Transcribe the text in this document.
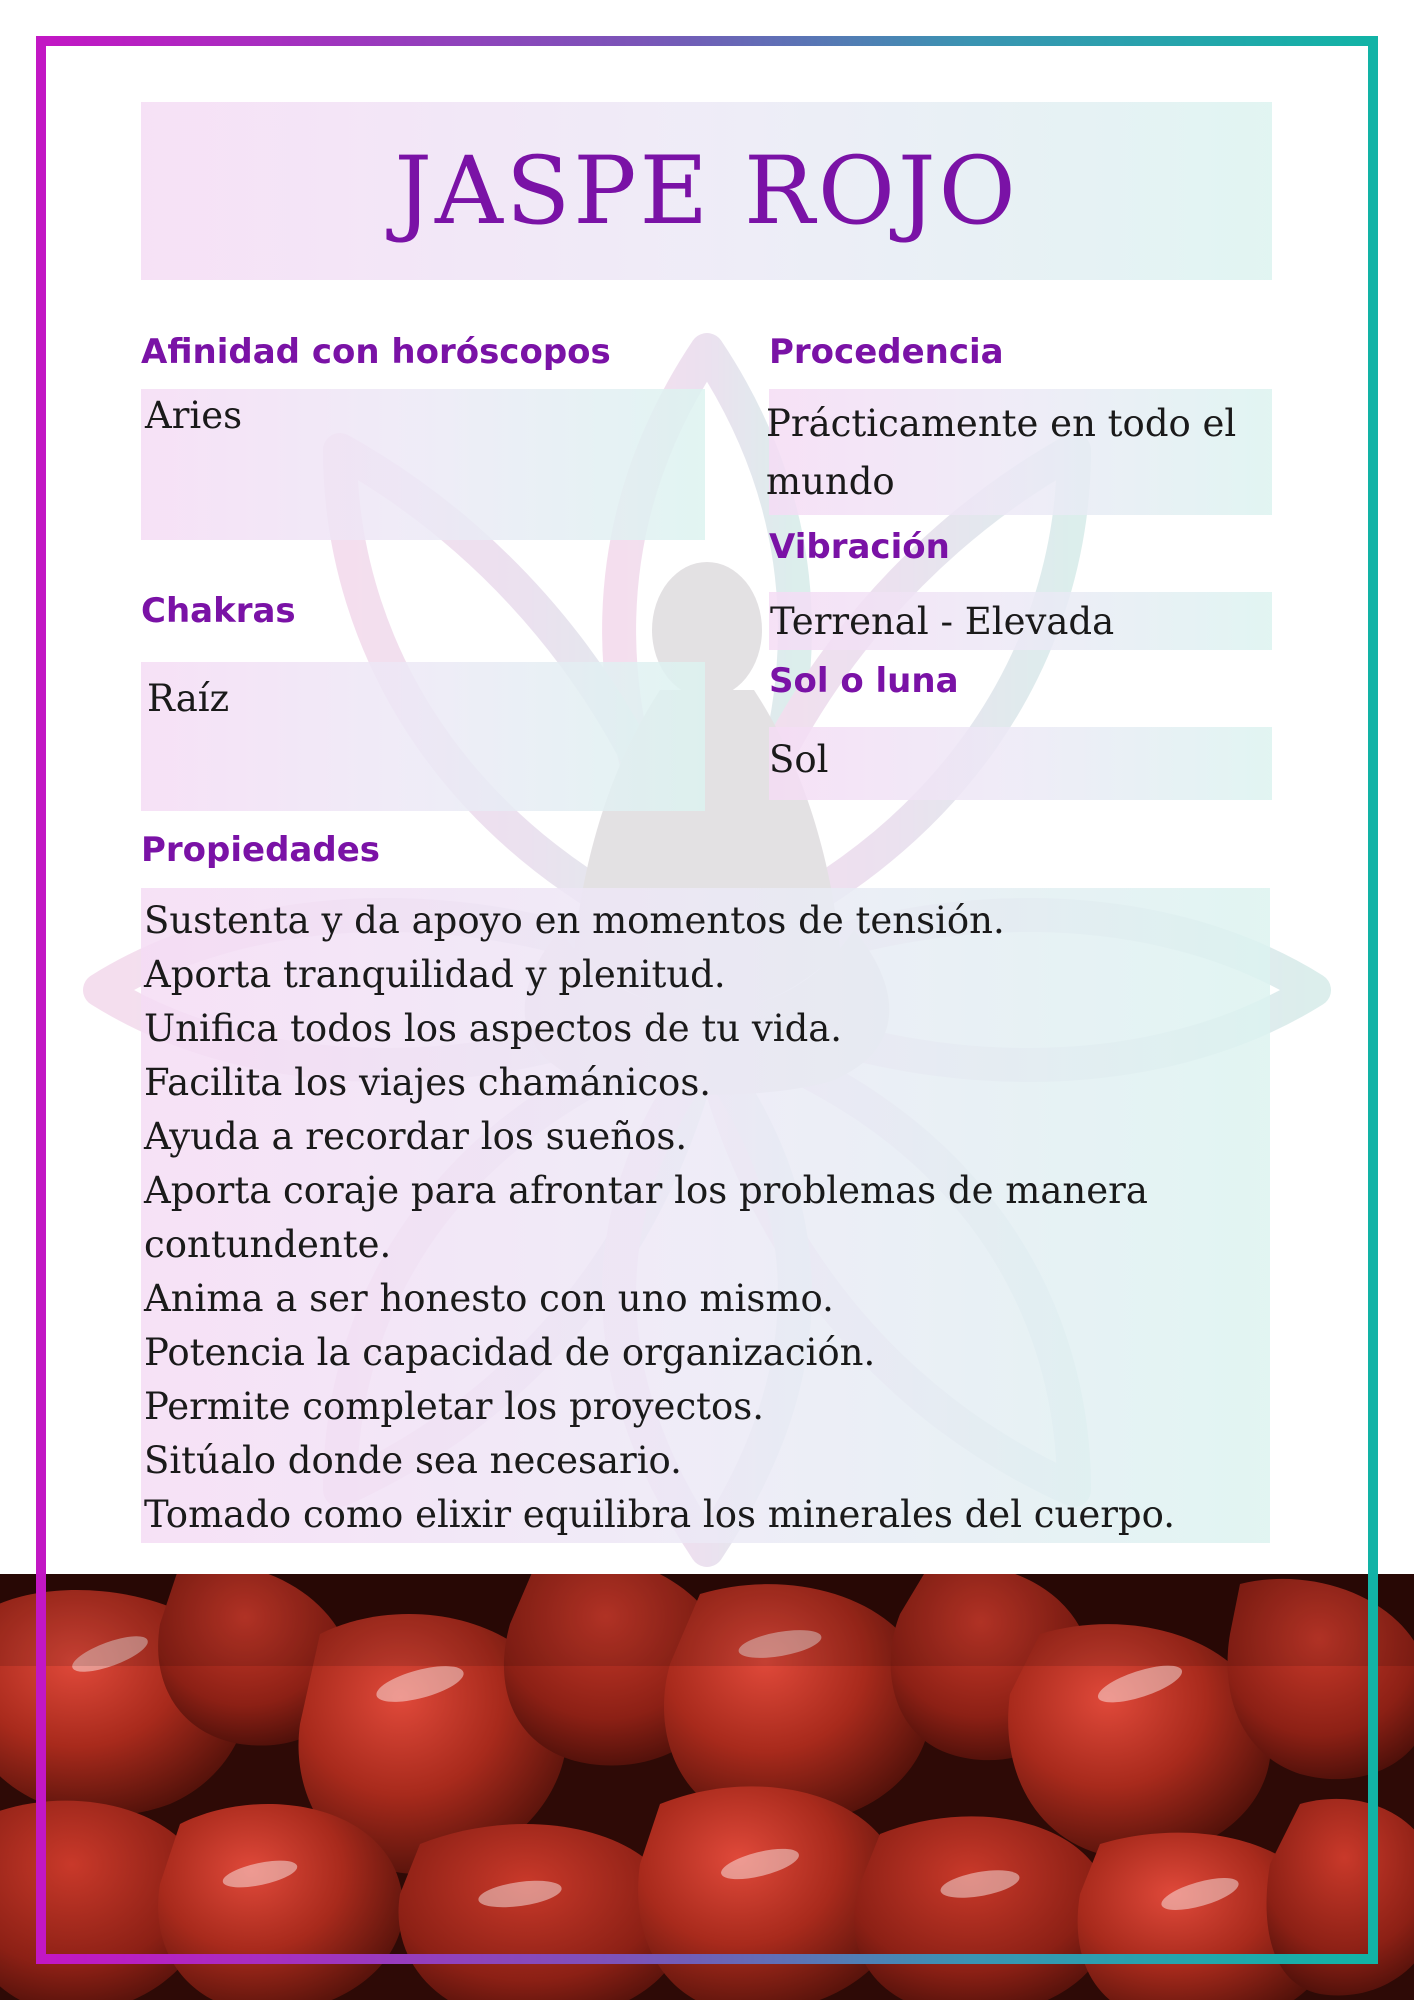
JASPE ROJO

Afinidad con horóscopos

Aries

Procedencia

Prácticamente en todo el mundo

Vibración

Terrenal - Elevada

Chakras

Raíz	Sol o luna

Sol

Propiedades

Sustenta y da apoyo en momentos de tensión.
Aporta tranquilidad y plenitud.
Unifica todos los aspectos de tu vida.
Facilita los viajes chamánicos.
Ayuda a recordar los sueños.
Aporta coraje para afrontar los problemas de manera contundente.
Anima a ser honesto con uno mismo.
Potencia la capacidad de organización.
Permite completar los proyectos.
Sitúalo donde sea necesario.
Tomado como elixir equilibra los minerales del cuerpo.
